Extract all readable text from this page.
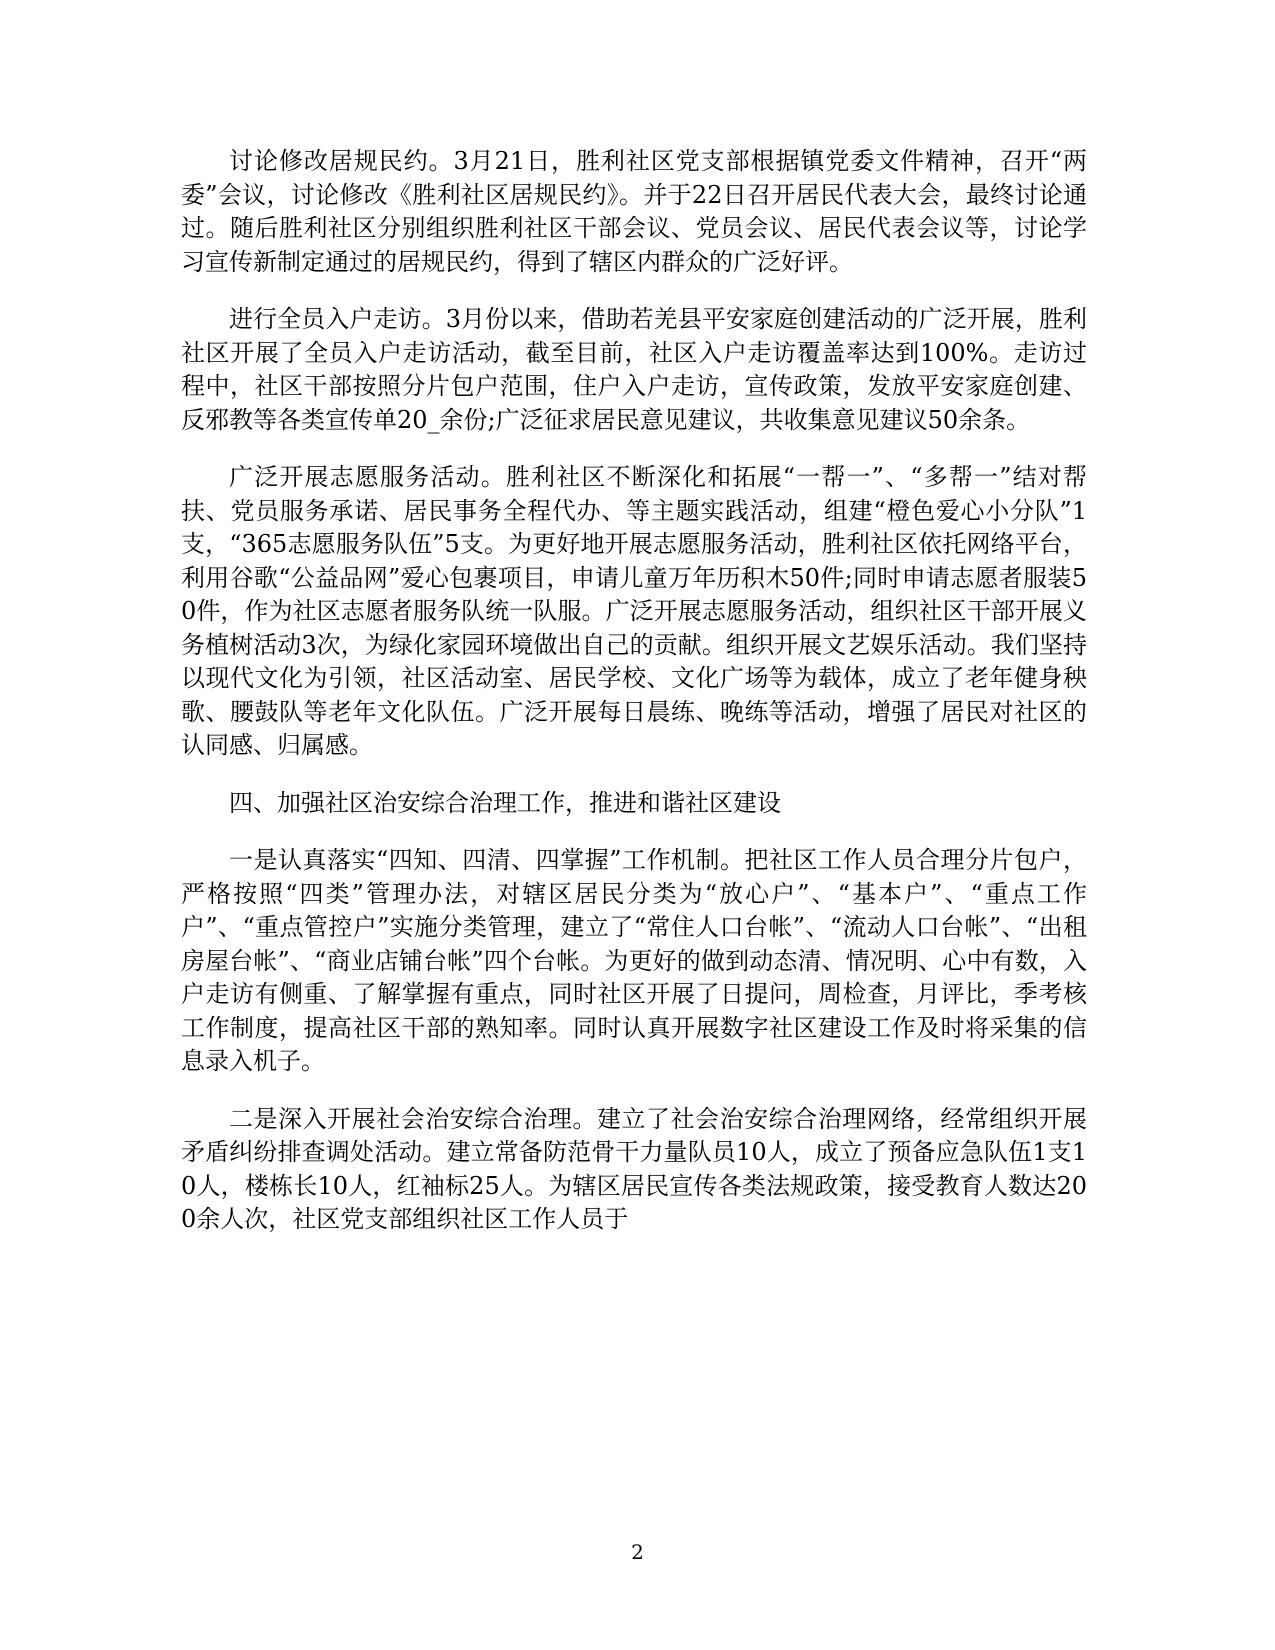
讨论修改居规民约。3月21日，胜利社区党支部根据镇党委文件精神，召开“两委”会议，讨论修改《胜利社区居规民约》。并于22日召开居民代表大会，最终讨论通过。随后胜利社区分别组织胜利社区干部会议、党员会议、居民代表会议等，讨论学习宣传新制定通过的居规民约，得到了辖区内群众的广泛好评。

进行全员入户走访。3月份以来，借助若羌县平安家庭创建活动的广泛开展，胜利社区开展了全员入户走访活动，截至目前，社区入户走访覆盖率达到100%。走访过程中，社区干部按照分片包户范围，住户入户走访，宣传政策，发放平安家庭创建、反邪教等各类宣传单20_余份;广泛征求居民意见建议，共收集意见建议50余条。

广泛开展志愿服务活动。胜利社区不断深化和拓展“一帮一”、“多帮一”结对帮扶、党员服务承诺、居民事务全程代办、等主题实践活动，组建“橙色爱心小分队”1支，“365志愿服务队伍”5支。为更好地开展志愿服务活动，胜利社区依托网络平台，利用谷歌“公益品网”爱心包裹项目，申请儿童万年历积木50件;同时申请志愿者服装50件，作为社区志愿者服务队统一队服。广泛开展志愿服务活动，组织社区干部开展义务植树活动3次，为绿化家园环境做出自己的贡献。组织开展文艺娱乐活动。我们坚持以现代文化为引领，社区活动室、居民学校、文化广场等为载体，成立了老年健身秧歌、腰鼓队等老年文化队伍。广泛开展每日晨练、晚练等活动，增强了居民对社区的认同感、归属感。

四、加强社区治安综合治理工作，推进和谐社区建设

一是认真落实“四知、四清、四掌握”工作机制。把社区工作人员合理分片包户，严格按照“四类”管理办法，对辖区居民分类为“放心户”、“基本户”、“重点工作户”、“重点管控户”实施分类管理，建立了“常住人口台帐”、“流动人口台帐”、“出租房屋台帐”、“商业店铺台帐”四个台帐。为更好的做到动态清、情况明、心中有数，入户走访有侧重、了解掌握有重点，同时社区开展了日提问，周检查，月评比，季考核工作制度，提高社区干部的熟知率。同时认真开展数字社区建设工作及时将采集的信息录入机子。

二是深入开展社会治安综合治理。建立了社会治安综合治理网络，经常组织开展矛盾纠纷排查调处活动。建立常备防范骨干力量队员10人，成立了预备应急队伍1支10人，楼栋长10人，红袖标25人。为辖区居民宣传各类法规政策，接受教育人数达200余人次，社区党支部组织社区工作人员于

2
